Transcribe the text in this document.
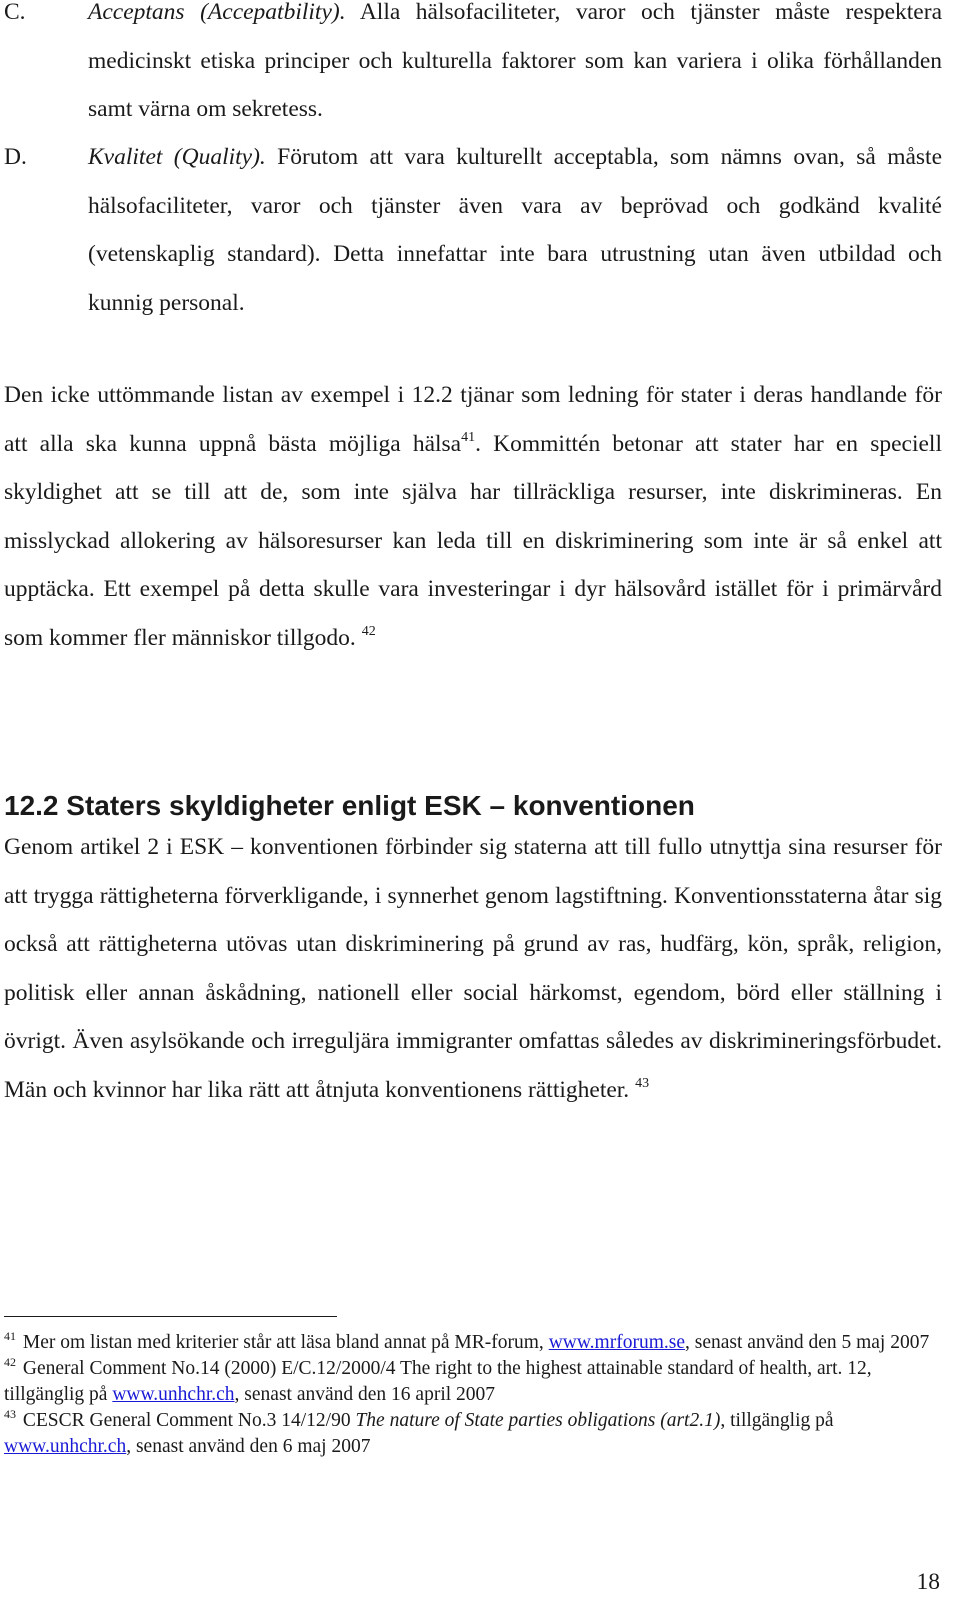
C.	Acceptans (Accepatbility). Alla hälsofaciliteter, varor och tjänster måste respektera medicinskt etiska principer och kulturella faktorer som kan variera i olika förhållanden samt värna om sekretess.
D.	Kvalitet (Quality). Förutom att vara kulturellt acceptabla, som nämns ovan, så måste hälsofaciliteter, varor och tjänster även vara av beprövad och godkänd kvalité (vetenskaplig standard). Detta innefattar inte bara utrustning utan även utbildad och kunnig personal.

Den icke uttömmande listan av exempel i 12.2 tjänar som ledning för stater i deras handlande för att alla ska kunna uppnå bästa möjliga hälsa$^{41}$. Kommittén betonar att stater har en speciell skyldighet att se till att de, som inte själva har tillräckliga resurser, inte diskrimineras. En misslyckad allokering av hälsoresurser kan leda till en diskriminering som inte är så enkel att upptäcka. Ett exempel på detta skulle vara investeringar i dyr hälsovård istället för i primärvård som kommer fler människor tillgodo. $^{42}$

12.2 Staters skyldigheter enligt ESK – konventionen

Genom artikel 2 i ESK – konventionen förbinder sig staterna att till fullo utnyttja sina resurser för att trygga rättigheterna förverkligande, i synnerhet genom lagstiftning. Konventionsstaterna åtar sig också att rättigheterna utövas utan diskriminering på grund av ras, hudfärg, kön, språk, religion, politisk eller annan åskådning, nationell eller social härkomst, egendom, börd eller ställning i övrigt. Även asylsökande och irreguljära immigranter omfattas således av diskrimineringsförbudet. Män och kvinnor har lika rätt att åtnjuta konventionens rättigheter. $^{43}$

$^{41}$ Mer om listan med kriterier står att läsa bland annat på MR-forum, www.mrforum.se, senast använd den 5 maj 2007

$^{42}$ General Comment No.14 (2000) E/C.12/2000/4 The right to the highest attainable standard of health, art. 12, tillgänglig på www.unhchr.ch, senast använd den 16 april 2007

$^{43}$ CESCR General Comment No.3 14/12/90 The nature of State parties obligations (art2.1), tillgänglig på www.unhchr.ch, senast använd den 6 maj 2007

18
